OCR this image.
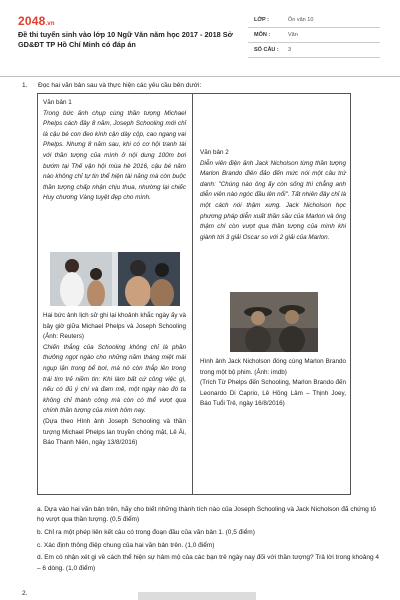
2048.vn
Đề thi tuyển sinh vào lớp 10 Ngữ Văn năm học 2017 - 2018 Sở GD&ĐT TP Hồ Chí Minh có đáp án
LỚP :	Ôn văn 10
MÔN :	Văn
SỐ CÂU : 3
1. Đọc hai văn bản sau và thực hiện các yêu cầu bên dưới:
Văn bản 1
Trong bức ảnh chụp cùng thần tượng Michael Phelps cách đây 8 năm, Joseph Schooling mới chỉ là cậu bé con đeo kính cận dày cộp, cao ngang vai Phelps. Nhưng 8 năm sau, khi có cơ hội tranh tài với thần tượng của mình ở nội dung 100m bơi bướm tại Thế vận hội mùa hè 2016, cậu bé năm nào không chỉ tự tin thể hiện tài năng mà còn buộc thần tượng chấp nhận chịu thua, nhường lại chiếc Huy chương Vàng tuyệt đẹp cho mình.
Hai bức ảnh lịch sử ghi lại khoảnh khắc ngày ấy và bây giờ giữa Michael Phelps và Joseph Schooling (Ảnh: Reuters)
Chiến thắng của Schooling không chỉ là phần thưởng ngọt ngào cho những năm tháng miệt mài ngụp lặn trong bể bơi, mà nó còn thắp lên trong trái tim trẻ niềm tin: Khi làm bất cứ công việc gì, nếu có đủ ý chí và đam mê, một ngày nào đó ta không chỉ thành công mà còn có thể vượt qua chính thần tượng của mình hôm nay.
(Dựa theo Hình ảnh Joseph Schooling và thần tượng Michael Phelps lan truyền chóng mặt, Lê Ái, Báo Thanh Niên, ngày 13/8/2016)
Văn bản 2
Diễn viên điện ảnh Jack Nicholson từng thần tượng Marlon Brando điên đảo đến mức nói một câu trứ danh: "Chúng nào ông ấy còn sống thì chẳng anh diễn viên nào ngóc đầu lên nổi". Tất nhiên đây chỉ là một cách nói thậm xưng. Jack Nicholson học phương pháp diễn xuất thần sầu của Marlon và ông thậm chí còn vượt qua thần tượng của mình khi giành tới 3 giải Oscar so với 2 giải của Marlon.
Hình ảnh Jack Nicholson đóng cùng Marlon Brando trong một bộ phim. (Ảnh: imdb)
(Trích Từ Phelps đến Schooling, Marlon Brando đến Leonardo Di Caprio, Lê Hồng Lâm – Thịnh Joey, Báo Tuổi Trẻ, ngày 16/8/2016)

a. Dựa vào hai văn bản trên, hãy cho biết những thành tích nào của Joseph Schooling và Jack Nicholson đã chứng tỏ họ vượt qua thần tượng. (0,5 điểm)

b. Chỉ ra một phép liên kết câu có trong đoạn đầu của văn bản 1. (0,5 điểm)

c. Xác định thông điệp chung của hai văn bản trên. (1,0 điểm)

d. Em có nhận xét gì về cách thể hiện sự hâm mộ của các bạn trẻ ngày nay đối với thần tượng? Trả lời trong khoảng 4 – 6 dòng. (1,0 điểm)

2.
